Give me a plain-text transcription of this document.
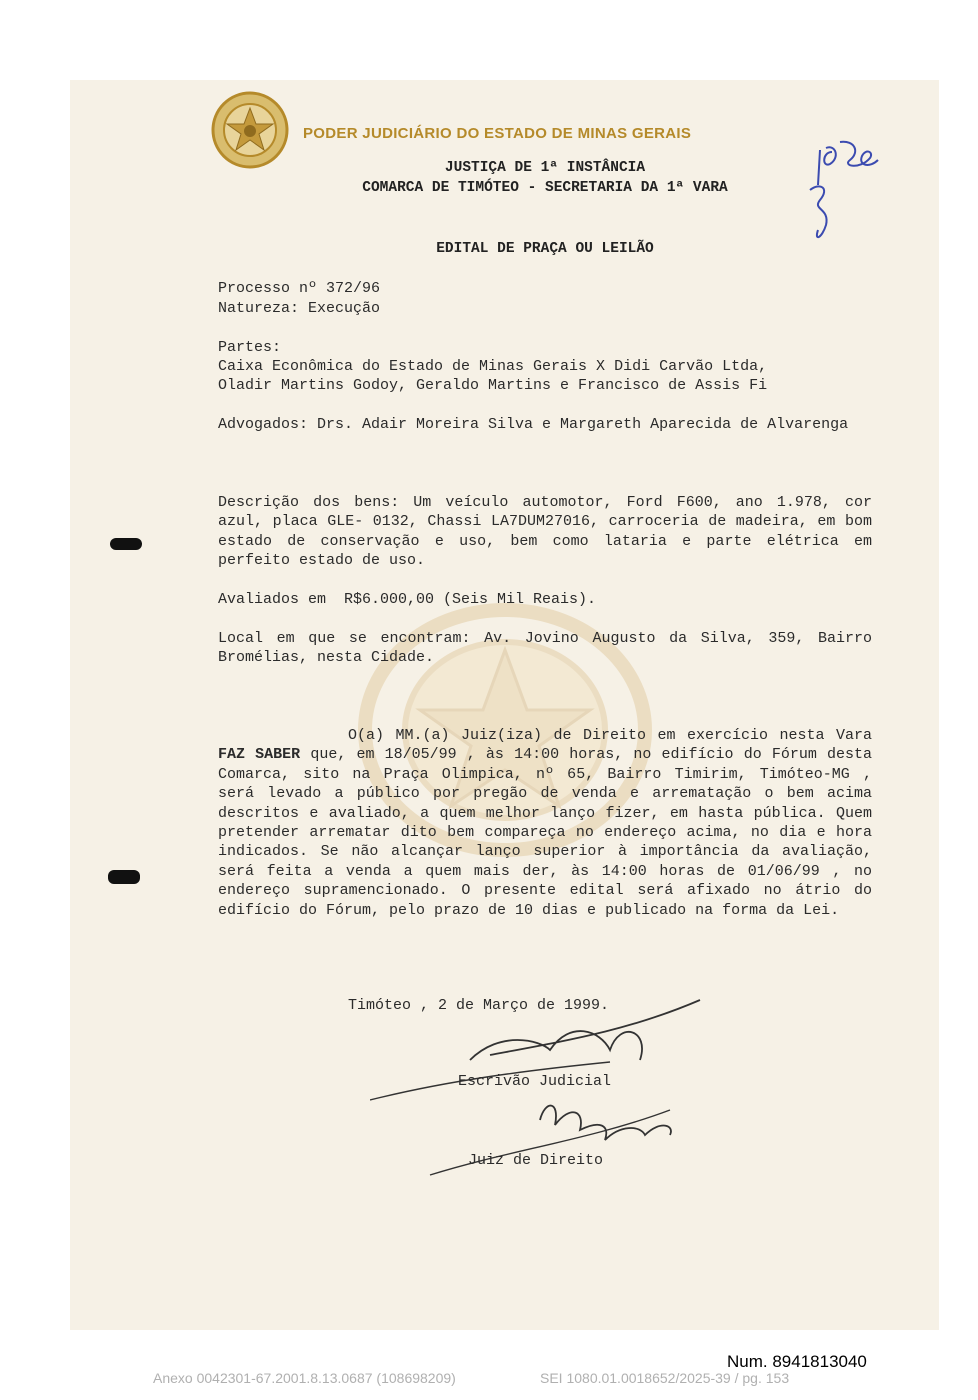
PODER JUDICIÁRIO DO ESTADO DE MINAS GERAIS
JUSTIÇA DE 1ª INSTÂNCIA
COMARCA DE TIMÓTEO - SECRETARIA DA 1ª VARA
EDITAL DE PRAÇA OU LEILÃO
Processo nº 372/96
Natureza: Execução
Partes:
Caixa Econômica do Estado de Minas Gerais X Didi Carvão Ltda,
Oladir Martins Godoy, Geraldo Martins e Francisco de Assis Fi
Advogados: Drs. Adair Moreira Silva e Margareth Aparecida de Alvarenga
Descrição dos bens: Um veículo automotor, Ford F600, ano 1.978, cor azul, placa GLE- 0132, Chassi LA7DUM27016, carroceria de madeira, em bom estado de conservação e uso, bem como lataria e parte elétrica em perfeito estado de uso.
Avaliados em  R$6.000,00 (Seis Mil Reais).
Local em que se encontram: Av. Jovino Augusto da Silva, 359, Bairro Bromélias, nesta Cidade.
O(a) MM.(a) Juiz(iza) de Direito em exercício nesta Vara FAZ SABER que, em 18/05/99 , às 14:00 horas, no edifício do Fórum desta Comarca, sito na Praça Olimpica, nº 65, Bairro Timirim, Timóteo-MG , será levado a público por pregão de venda e arrematação o bem acima descritos e avaliado, a quem melhor lanço fizer, em hasta pública. Quem pretender arrematar dito bem compareça no endereço acima, no dia e hora indicados. Se não alcançar lanço superior à importância da avaliação, será feita a venda a quem mais der, às 14:00 horas de 01/06/99 , no endereço supramencionado. O presente edital será afixado no átrio do edifício do Fórum, pelo prazo de 10 dias e publicado na forma da Lei.
Timóteo , 2 de Março de 1999.
Escrivão Judicial
Juiz de Direito
Num. 8941813040
Anexo 0042301-67.2001.8.13.0687 (108698209)	SEI 1080.01.0018652/2025-39 / pg. 153
